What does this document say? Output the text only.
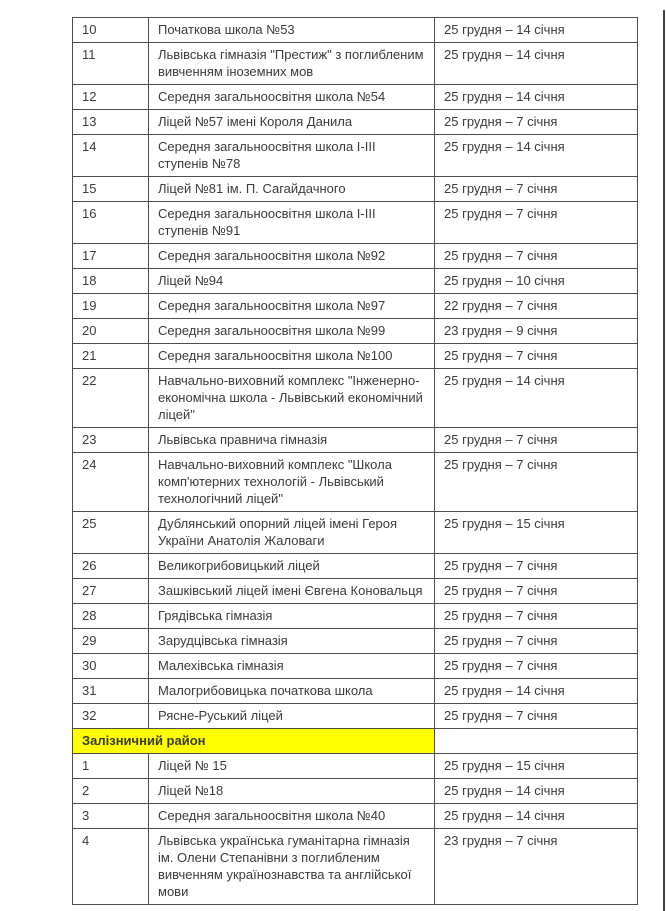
10	Початкова школа №53	25 грудня – 14 січня
11	Львівська гімназія "Престиж" з поглибленим вивченням іноземних мов	25 грудня – 14 січня
12	Середня загальноосвітня школа №54	25 грудня – 14 січня
13	Ліцей №57 імені Короля Данила	25 грудня – 7 січня
14	Середня загальноосвітня школа I-III ступенів №78	25 грудня – 14 січня
15	Ліцей №81 ім. П. Сагайдачного	25 грудня – 7 січня
16	Середня загальноосвітня школа I-III ступенів №91	25 грудня – 7 січня
17	Середня загальноосвітня школа №92	25 грудня – 7 січня
18	Ліцей №94	25 грудня – 10 січня
19	Середня загальноосвітня школа №97	22 грудня – 7 січня
20	Середня загальноосвітня школа №99	23 грудня – 9 січня
21	Середня загальноосвітня школа №100	25 грудня – 7 січня
22	Навчально-виховний комплекс "Інженерно-економічна школа - Львівський економічний ліцей"	25 грудня – 14 січня
23	Львівська правнича гімназія	25 грудня – 7 січня
24	Навчально-виховний комплекс "Школа комп'ютерних технологій - Львівський технологічний ліцей"	25 грудня – 7 січня
25	Дублянський опорний ліцей імені Героя України Анатолія Жаловаги	25 грудня – 15 січня
26	Великогрибовицький ліцей	25 грудня – 7 січня
27	Зашківський ліцей імені Євгена Коновальця	25 грудня – 7 січня
28	Грядівська гімназія	25 грудня – 7 січня
29	Зарудцівська гімназія	25 грудня – 7 січня
30	Малехівська гімназія	25 грудня – 7 січня
31	Малогрибовицька початкова школа	25 грудня – 14 січня
32	Рясне-Руський ліцей	25 грудня – 7 січня
Залізничний район		
1	Ліцей № 15	25 грудня – 15 січня
2	Ліцей №18	25 грудня – 14 січня
3	Середня загальноосвітня школа №40	25 грудня – 14 січня
4	Львівська українська гуманітарна гімназія ім. Олени Степанівни з поглибленим вивченням українознавства та англійської мови	23 грудня – 7 січня
